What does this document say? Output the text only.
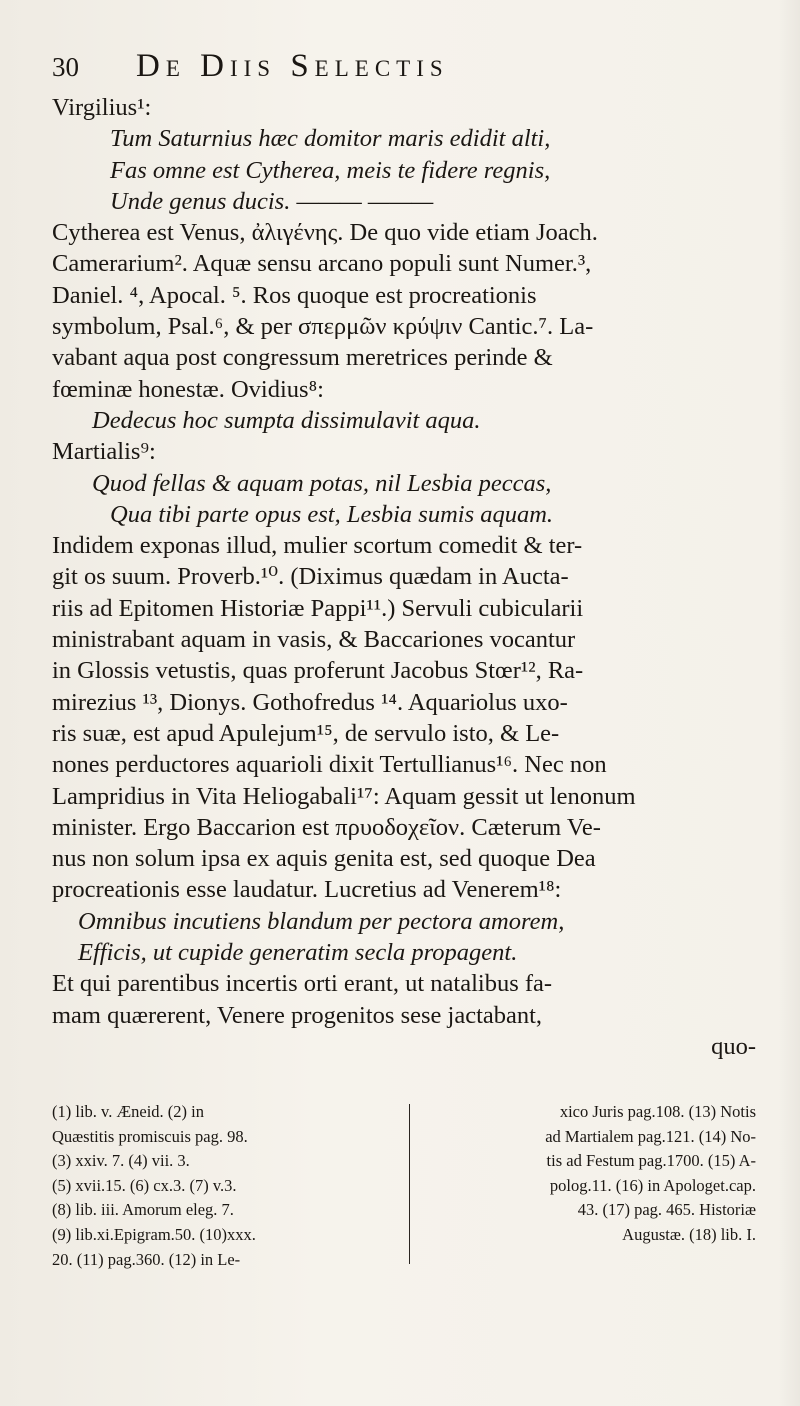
30 De Diis Selectis
Virgilius¹:
Tum Saturnius hæc domitor maris edidit alti,
Fas omne est Cytherea, meis te fidere regnis,
Unde genus ducis. ——— ———
Cytherea est Venus, ἀλιγένης. De quo vide etiam Joach.
Camerarium². Aquæ sensu arcano populi sunt Numer.³,
Daniel. ⁴, Apocal. ⁵. Ros quoque est procreationis
symbolum, Psal.⁶, & per σπερμῶν κρύψιν Cantic.⁷. La-
vabant aqua post congressum meretrices perinde &
fœminæ honestæ. Ovidius⁸:
Dedecus hoc sumpta dissimulavit aqua.
Martialis⁹:
Quod fellas & aquam potas, nil Lesbia peccas,
Qua tibi parte opus est, Lesbia sumis aquam.
Indidem exponas illud, mulier scortum comedit & ter-
git os suum. Proverb.¹⁰. (Diximus quædam in Aucta-
riis ad Epitomen Historiæ Pappi¹¹.) Servuli cubicularii
ministrabant aquam in vasis, & Baccariones vocantur
in Glossis vetustis, quas proferunt Jacobus Stœr¹², Ra-
mirezius ¹³, Dionys. Gothofredus ¹⁴. Aquariolus uxo-
ris suæ, est apud Apulejum¹⁵, de servulo isto, & Le-
nones perductores aquarioli dixit Tertullianus¹⁶. Nec non
Lampridius in Vita Heliogabali¹⁷: Aquam gessit ut lenonum
minister. Ergo Baccarion est πρυοδοχεῖον. Cæterum Ve-
nus non solum ipsa ex aquis genita est, sed quoque Dea
procreationis esse laudatur. Lucretius ad Venerem¹⁸:
Omnibus incutiens blandum per pectora amorem,
Efficis, ut cupide generatim secla propagent.
Et qui parentibus incertis orti erant, ut natalibus fa-
mam quærerent, Venere progenitos sese jactabant,
quo-
(1) lib. v. Æneid. (2) in
Quæstitis promiscuis pag. 98.
(3) xxiv. 7. (4) vii. 3.
(5) xvii.15. (6) cx.3. (7) v.3.
(8) lib. iii. Amorum eleg. 7.
(9) lib.xi.Epigram.50. (10)xxx.
20. (11) pag.360. (12) in Le-
xico Juris pag.108. (13) Notis
ad Martialem pag.121. (14) No-
tis ad Festum pag.1700. (15) A-
polog.11. (16) in Apologet.cap.
43. (17) pag. 465. Historiæ
Augustæ. (18) lib. I.
